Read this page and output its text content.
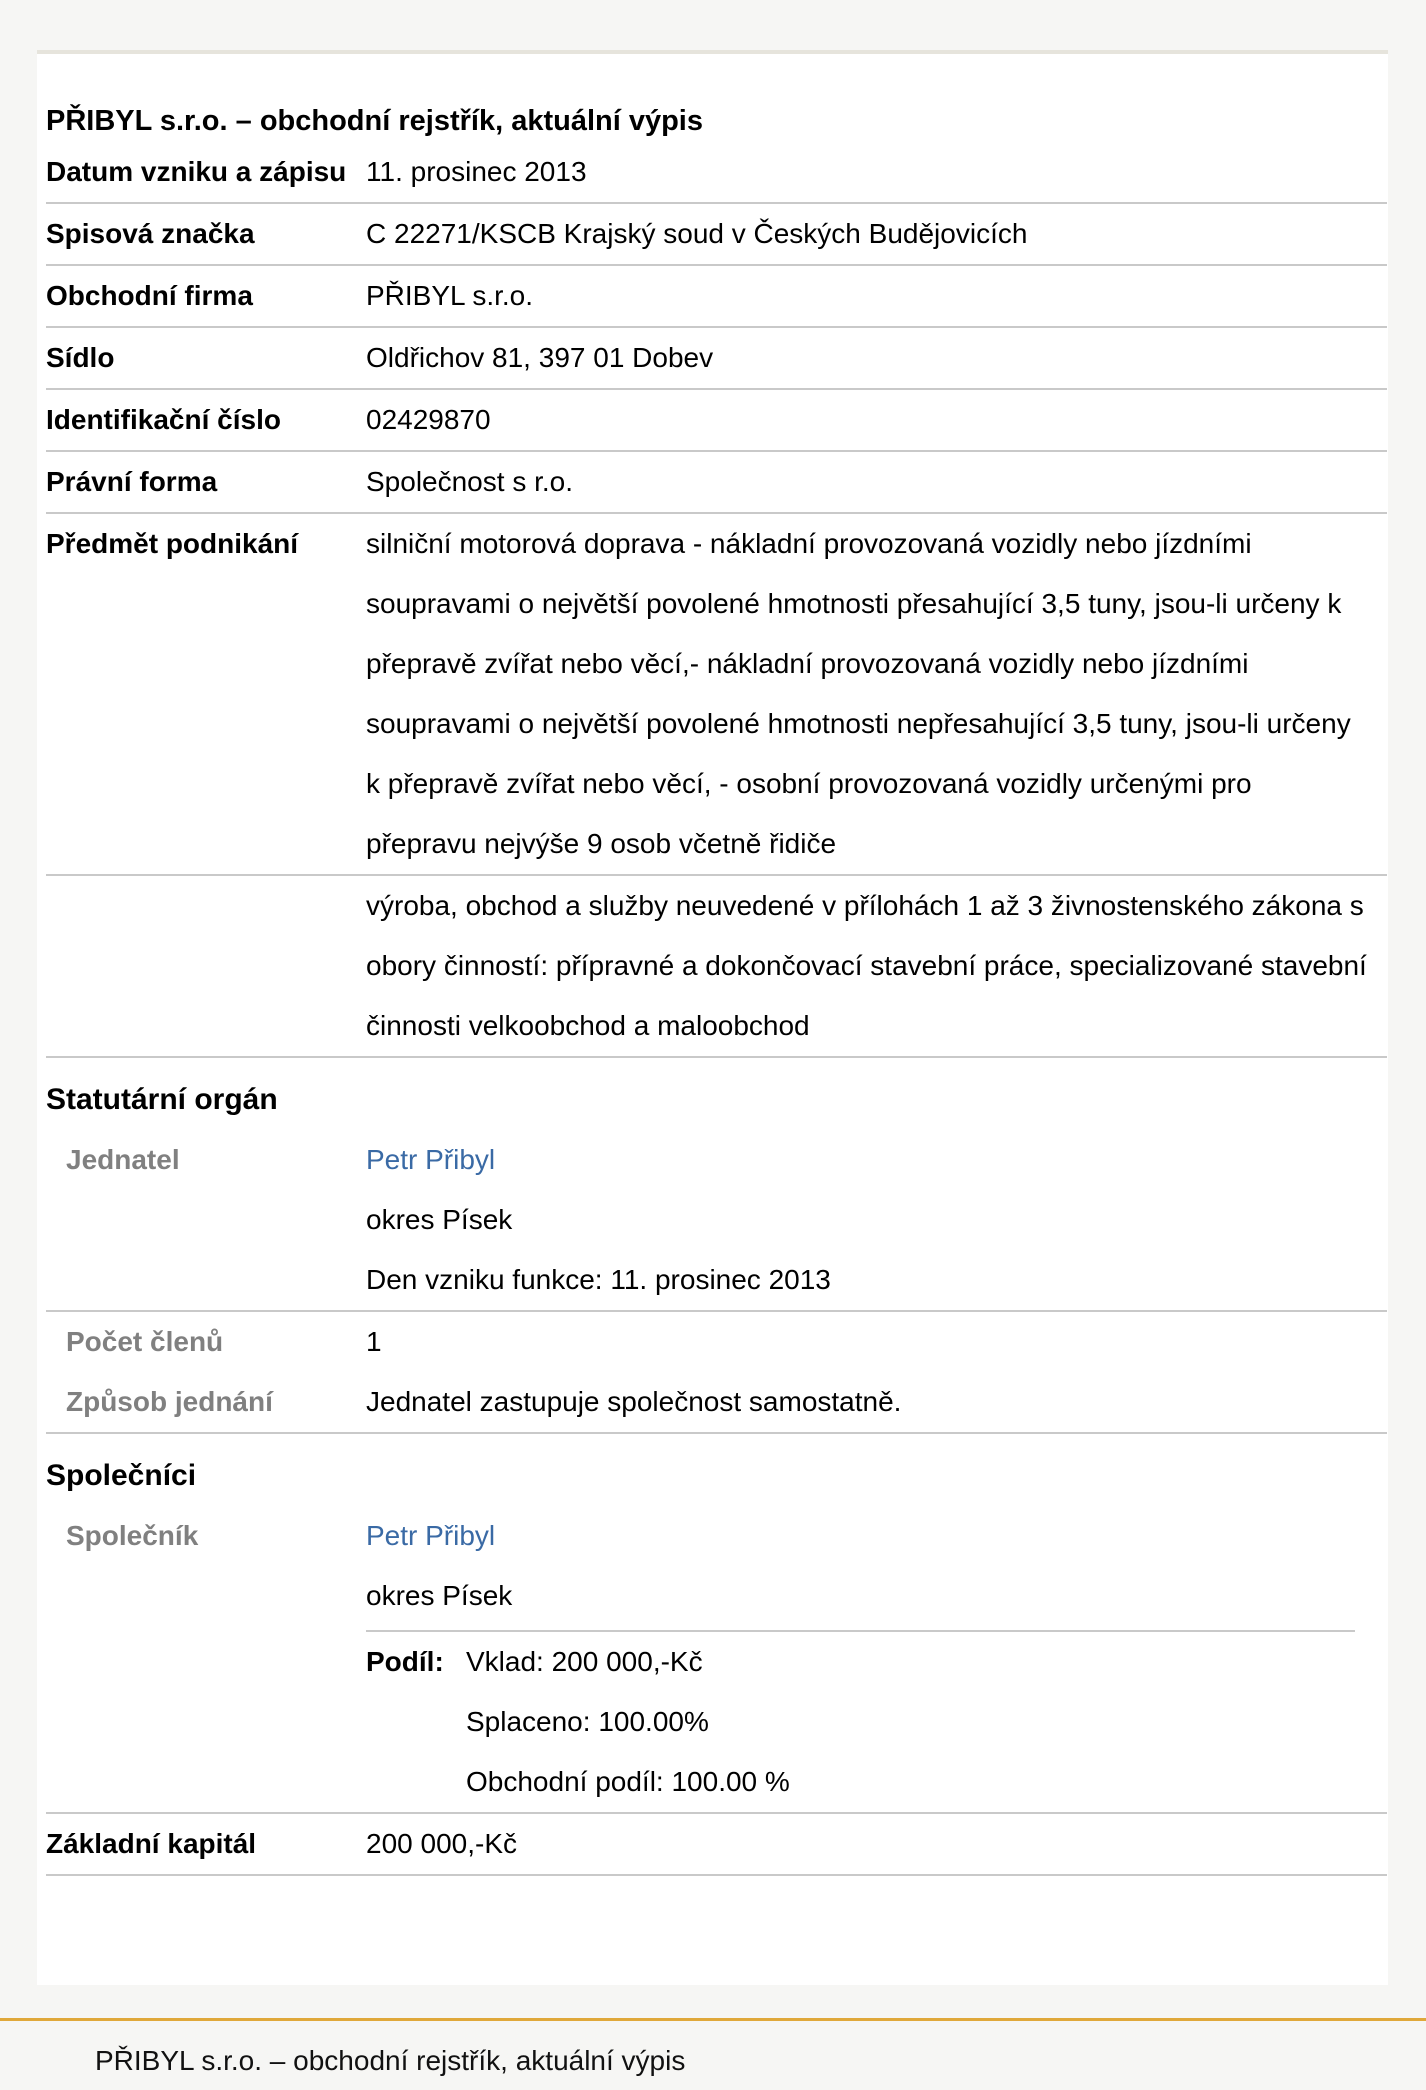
PŘIBYL s.r.o. – obchodní rejstřík, aktuální výpis
Datum vzniku a zápisu 11. prosinec 2013
Spisová značka	C 22271/KSCB Krajský soud v Českých Budějovicích
Obchodní firma	PŘIBYL s.r.o.
Sídlo	Oldřichov 81, 397 01 Dobev
Identifikační číslo	02429870
Právní forma	Společnost s r.o.
Předmět podnikání	silniční motorová doprava - nákladní provozovaná vozidly nebo jízdními soupravami o největší povolené hmotnosti přesahující 3,5 tuny, jsou-li určeny k přepravě zvířat nebo věcí,- nákladní provozovaná vozidly nebo jízdními soupravami o největší povolené hmotnosti nepřesahující 3,5 tuny, jsou-li určeny k přepravě zvířat nebo věcí, - osobní provozovaná vozidly určenými pro přepravu nejvýše 9 osob včetně řidiče
výroba, obchod a služby neuvedené v přílohách 1 až 3 živnostenského zákona s obory činností: přípravné a dokončovací stavební práce, specializované stavební činnosti velkoobchod a maloobchod
Statutární orgán
Jednatel	Petr Přibyl
okres Písek
Den vzniku funkce: 11. prosinec 2013
Počet členů	1
Způsob jednání	Jednatel zastupuje společnost samostatně.
Společníci
Společník	Petr Přibyl
okres Písek
Podíl: Vklad: 200 000,-Kč
Splaceno: 100.00%
Obchodní podíl: 100.00 %
Základní kapitál	200 000,-Kč
PŘIBYL s.r.o. – obchodní rejstřík, aktuální výpis
